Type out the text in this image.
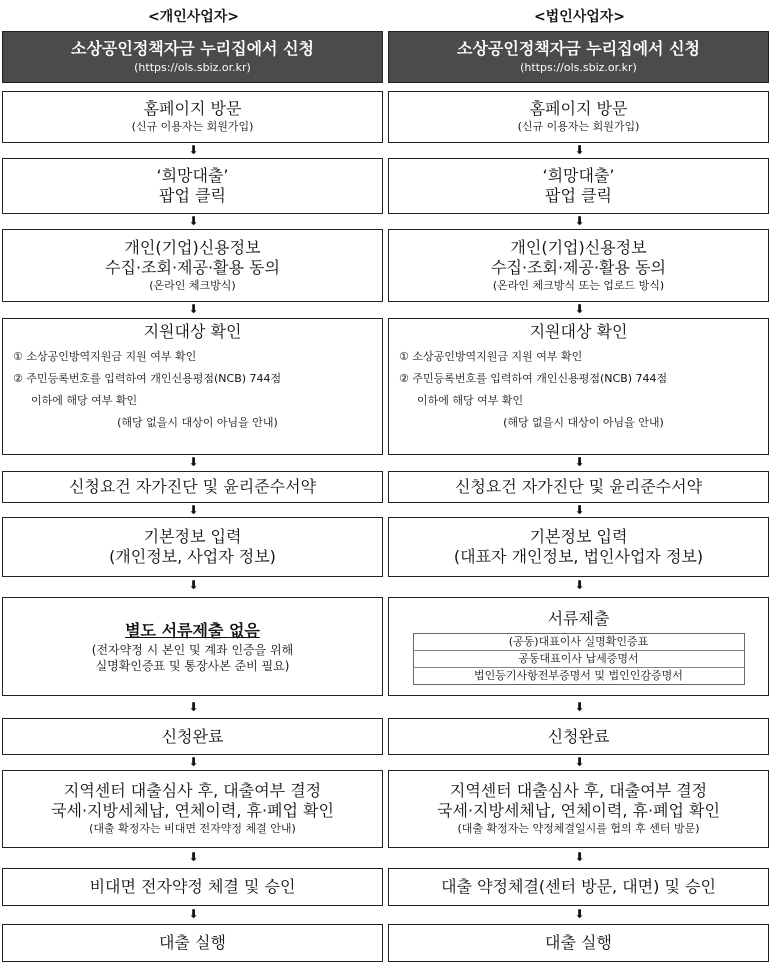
<개인사업자>
소상공인정책자금 누리집에서 신청
(https://ols.sbiz.or.kr)
홈페이지 방문
(신규 이용자는 회원가입)
⬇
‘희망대출’
팝업 클릭
⬇
개인(기업)신용정보
수집·조회·제공·활용 동의
(온라인 체크방식)
⬇
지원대상 확인
① 소상공인방역지원금 지원 여부 확인
② 주민등록번호를 입력하여 개인신용평점(NCB) 744점
이하에 해당 여부 확인
(해당 없을시 대상이 아님을 안내)
⬇
신청요건 자가진단 및 윤리준수서약
⬇
기본정보 입력
(개인정보, 사업자 정보)
⬇
별도 서류제출 없음
(전자약정 시 본인 및 계좌 인증을 위해
실명확인증표 및 통장사본 준비 필요)
⬇
신청완료
⬇
지역센터 대출심사 후, 대출여부 결정
국세·지방세체납, 연체이력, 휴·폐업 확인
(대출 확정자는 비대면 전자약정 체결 안내)
⬇
비대면 전자약정 체결 및 승인
⬇
대출 실행
<법인사업자>
소상공인정책자금 누리집에서 신청
(https://ols.sbiz.or.kr)
홈페이지 방문
(신규 이용자는 회원가입)
⬇
‘희망대출’
팝업 클릭
⬇
개인(기업)신용정보
수집·조회·제공·활용 동의
(온라인 체크방식 또는 업로드 방식)
⬇
지원대상 확인
① 소상공인방역지원금 지원 여부 확인
② 주민등록번호를 입력하여 개인신용평점(NCB) 744점
이하에 해당 여부 확인
(해당 없을시 대상이 아님을 안내)
⬇
신청요건 자가진단 및 윤리준수서약
⬇
기본정보 입력
(대표자 개인정보, 법인사업자 정보)
⬇
서류제출
(공동)대표이사 실명확인증표
공동대표이사 납세증명서
법인등기사항전부증명서 및 법인인감증명서
⬇
신청완료
⬇
지역센터 대출심사 후, 대출여부 결정
국세·지방세체납, 연체이력, 휴·폐업 확인
(대출 확정자는 약정체결일시를 협의 후 센터 방문)
⬇
대출 약정체결(센터 방문, 대면) 및 승인
⬇
대출 실행
